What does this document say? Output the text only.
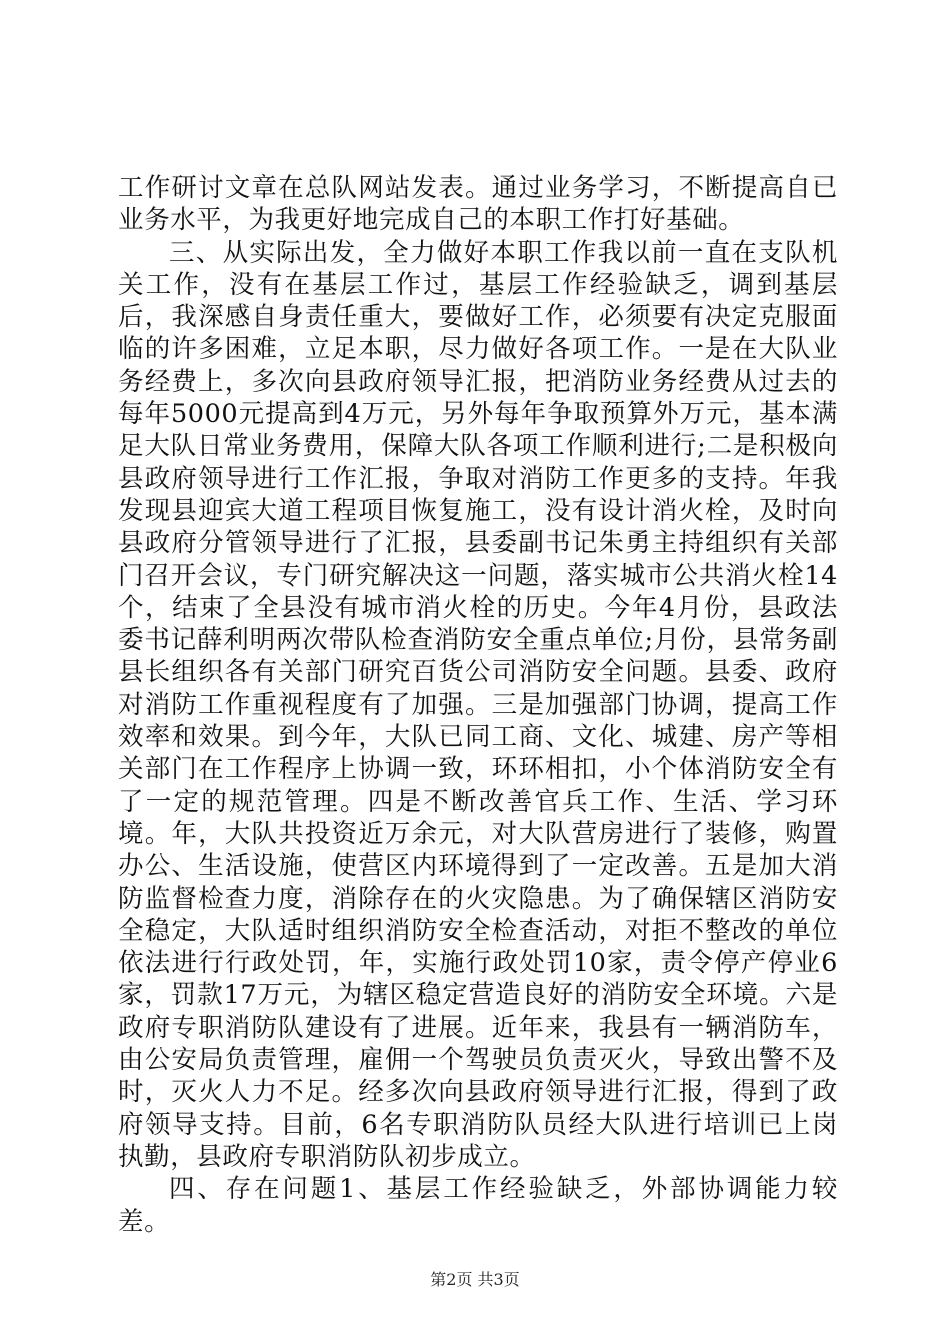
工作研讨文章在总队网站发表。通过业务学习，不断提高自已业务水平，为我更好地完成自己的本职工作打好基础。

三、从实际出发，全力做好本职工作我以前一直在支队机关工作，没有在基层工作过，基层工作经验缺乏，调到基层后，我深感自身责任重大，要做好工作，必须要有决定克服面临的许多困难，立足本职，尽力做好各项工作。一是在大队业务经费上，多次向县政府领导汇报，把消防业务经费从过去的每年5000元提高到4万元，另外每年争取预算外万元，基本满足大队日常业务费用，保障大队各项工作顺利进行;二是积极向县政府领导进行工作汇报，争取对消防工作更多的支持。年我发现县迎宾大道工程项目恢复施工，没有设计消火栓，及时向县政府分管领导进行了汇报，县委副书记朱勇主持组织有关部门召开会议，专门研究解决这一问题，落实城市公共消火栓14个，结束了全县没有城市消火栓的历史。今年4月份，县政法委书记薛利明两次带队检查消防安全重点单位;月份，县常务副县长组织各有关部门研究百货公司消防安全问题。县委、政府对消防工作重视程度有了加强。三是加强部门协调，提高工作效率和效果。到今年，大队已同工商、文化、城建、房产等相关部门在工作程序上协调一致，环环相扣，小个体消防安全有了一定的规范管理。四是不断改善官兵工作、生活、学习环境。年，大队共投资近万余元，对大队营房进行了装修，购置办公、生活设施，使营区内环境得到了一定改善。五是加大消防监督检查力度，消除存在的火灾隐患。为了确保辖区消防安全稳定，大队适时组织消防安全检查活动，对拒不整改的单位依法进行行政处罚，年，实施行政处罚10家，责令停产停业6家，罚款17万元，为辖区稳定营造良好的消防安全环境。六是政府专职消防队建设有了进展。近年来，我县有一辆消防车，由公安局负责管理，雇佣一个驾驶员负责灭火，导致出警不及时，灭火人力不足。经多次向县政府领导进行汇报，得到了政府领导支持。目前，6名专职消防队员经大队进行培训已上岗执勤，县政府专职消防队初步成立。

四、存在问题1、基层工作经验缺乏，外部协调能力较差。

第2页 共3页
